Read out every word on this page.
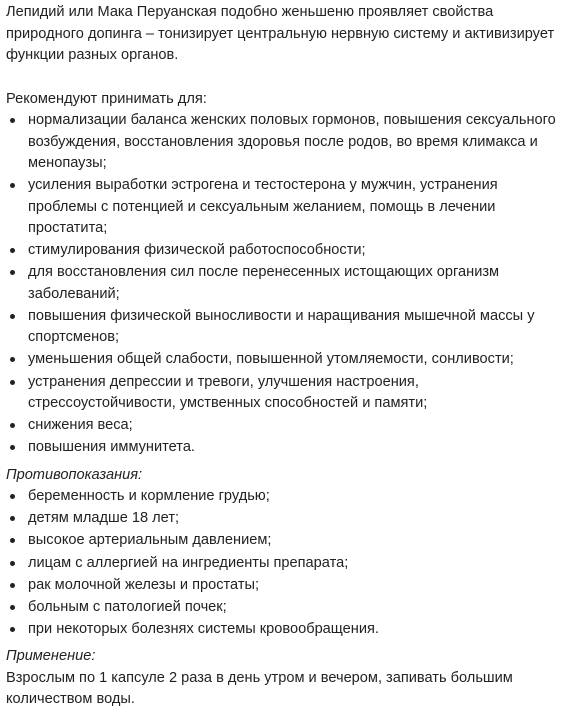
Лепидий или Мака Перуанская подобно женьшеню проявляет свойства природного допинга – тонизирует центральную нервную систему и активизирует функции разных органов.

Рекомендуют принимать для:

нормализации баланса женских половых гормонов, повышения сексуального возбуждения, восстановления здоровья после родов, во время климакса и менопаузы;
усиления выработки эстрогена и тестостерона у мужчин, устранения проблемы с потенцией и сексуальным желанием, помощь в лечении простатита;
стимулирования физической работоспособности;
для восстановления сил после перенесенных истощающих организм заболеваний;
повышения физической выносливости и наращивания мышечной массы у спортсменов;
уменьшения общей слабости, повышенной утомляемости, сонливости;
устранения депрессии и тревоги, улучшения настроения, стрессоустойчивости, умственных способностей и памяти;
снижения веса;
повышения иммунитета.

Противопоказания:

беременность и кормление грудью;
детям младше 18 лет;
высокое артериальным давлением;
лицам с аллергией на ингредиенты препарата;
рак молочной железы и простаты;
больным с патологией почек;
при некоторых болезнях системы кровообращения.

Применение:

Взрослым по 1 капсуле 2 раза в день утром и вечером, запивать большим количеством воды.
